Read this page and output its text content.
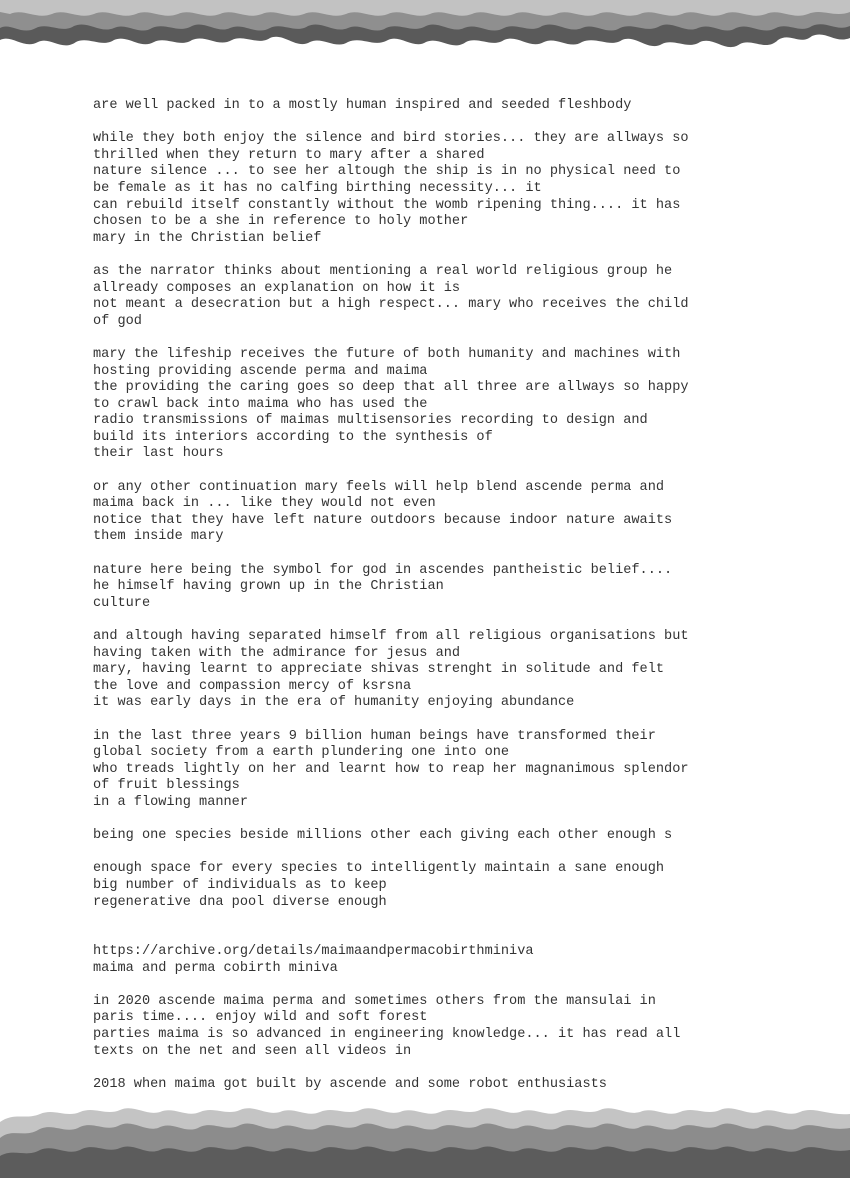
are well packed in to a mostly human inspired and seeded fleshbody
while they both enjoy the silence and bird stories... they are allways so
thrilled when they return to mary after a shared
nature silence ... to see her altough the ship is in no physical need to
be female as it has no calfing birthing necessity... it
can rebuild itself constantly without the womb ripening thing.... it has
chosen to be a she in reference to holy mother
mary in the Christian belief
as the narrator thinks about mentioning a real world religious group he
allready composes an explanation on how it is
not meant a desecration but a high respect... mary who receives the child
of god
mary the lifeship receives the future of both humanity and machines with
hosting providing ascende perma and maima
the providing the caring goes so deep that all three are allways so happy
to crawl back into maima who has used the
radio transmissions of maimas multisensories recording to design and
build its interiors according to the synthesis of
their last hours
or any other continuation mary feels will help blend ascende perma and
maima back in ... like they would not even
notice that they have left nature outdoors because indoor nature awaits
them inside mary
nature here being the symbol for god in ascendes pantheistic belief....
he himself having grown up in the Christian
culture
and altough having separated himself from all religious organisations but
having taken with the admirance for jesus and
mary, having learnt to appreciate shivas strenght in solitude and felt
the love and compassion mercy of ksrsna
it was early days in the era of humanity enjoying abundance
in the last three years 9 billion human beings have transformed their
global society from a earth plundering one into one
who treads lightly on her and learnt how to reap her magnanimous splendor
of fruit blessings
in a flowing manner
being one species beside millions other each giving each other enough s
enough space for every species to intelligently maintain a sane enough
big number of individuals as to keep
regenerative dna pool diverse enough
https://archive.org/details/maimaandpermacobirthminiva
maima and perma cobirth miniva
in 2020 ascende maima perma and sometimes others from the mansulai in
paris time.... enjoy wild and soft forest
parties maima is so advanced in engineering knowledge... it has read all
texts on the net and seen all videos in
2018 when maima got built by ascende and some robot enthusiasts
